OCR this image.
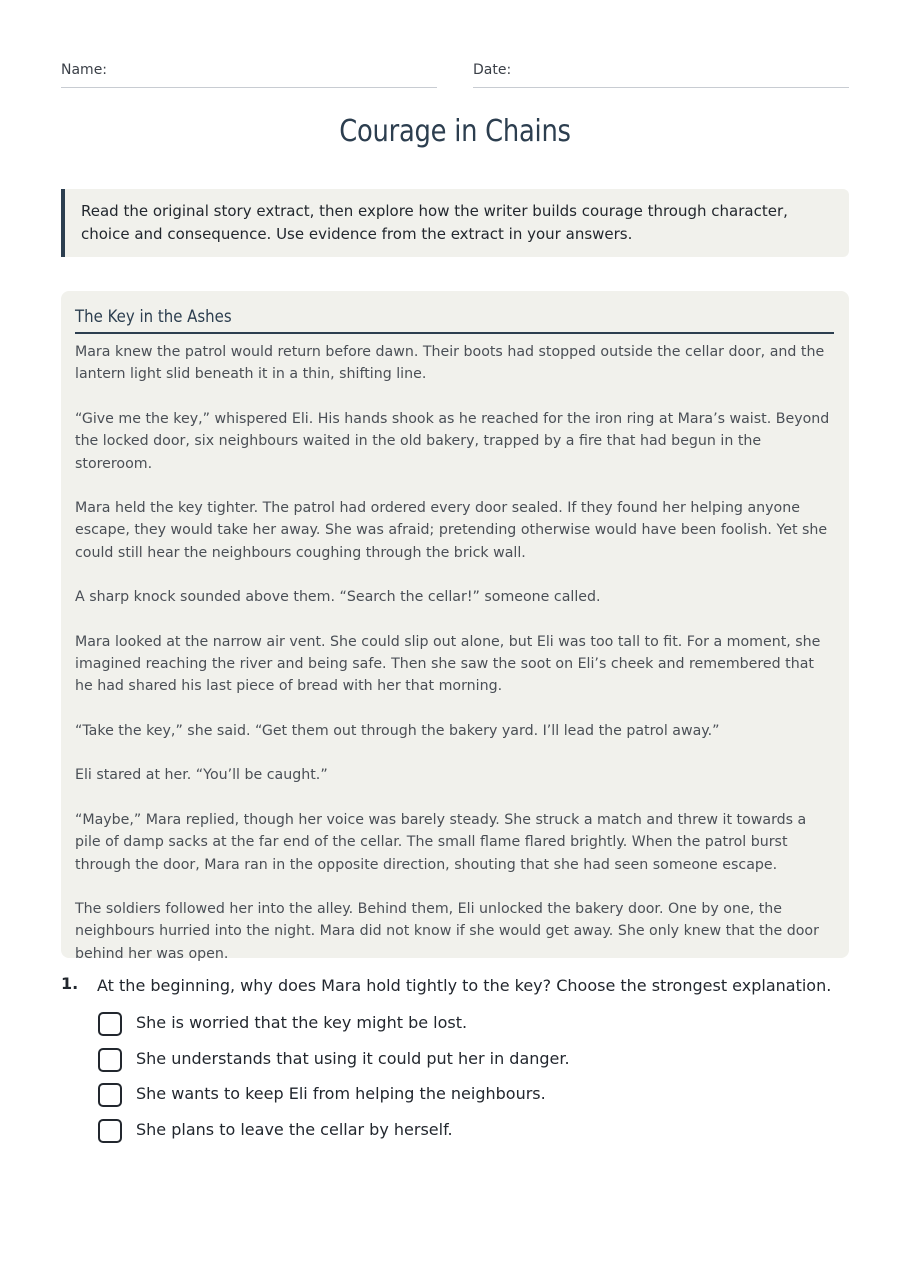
Name:	Date:
Courage in Chains
Read the original story extract, then explore how the writer builds courage through character, choice and consequence. Use evidence from the extract in your answers.
The Key in the Ashes

Mara knew the patrol would return before dawn. Their boots had stopped outside the cellar door, and the lantern light slid beneath it in a thin, shifting line.

“Give me the key,” whispered Eli. His hands shook as he reached for the iron ring at Mara’s waist. Beyond the locked door, six neighbours waited in the old bakery, trapped by a fire that had begun in the storeroom.

Mara held the key tighter. The patrol had ordered every door sealed. If they found her helping anyone escape, they would take her away. She was afraid; pretending otherwise would have been foolish. Yet she could still hear the neighbours coughing through the brick wall.

A sharp knock sounded above them. “Search the cellar!” someone called.

Mara looked at the narrow air vent. She could slip out alone, but Eli was too tall to fit. For a moment, she imagined reaching the river and being safe. Then she saw the soot on Eli’s cheek and remembered that he had shared his last piece of bread with her that morning.

“Take the key,” she said. “Get them out through the bakery yard. I’ll lead the patrol away.”

Eli stared at her. “You’ll be caught.”

“Maybe,” Mara replied, though her voice was barely steady. She struck a match and threw it towards a pile of damp sacks at the far end of the cellar. The small flame flared brightly. When the patrol burst through the door, Mara ran in the opposite direction, shouting that she had seen someone escape.

The soldiers followed her into the alley. Behind them, Eli unlocked the bakery door. One by one, the neighbours hurried into the night. Mara did not know if she would get away. She only knew that the door behind her was open.

1. At the beginning, why does Mara hold tightly to the key? Choose the strongest explanation.
She is worried that the key might be lost.
She understands that using it could put her in danger.
She wants to keep Eli from helping the neighbours.
She plans to leave the cellar by herself.
